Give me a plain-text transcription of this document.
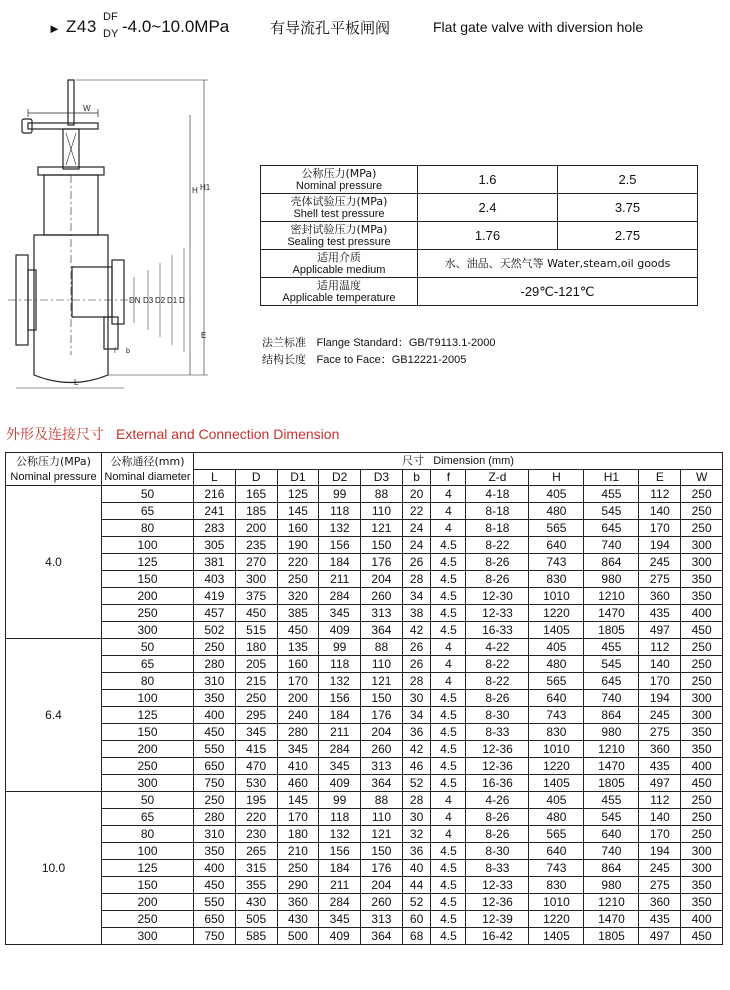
► Z43 DF
DY -4.0~10.0MPa	有导流孔平板闸阀	Flat gate valve with diversion hole
W
H1
H
DN D3 D2 D1 D
L
E
f b
公称压力(MPa)
Nominal pressure	1.6	2.5
壳体试验压力(MPa)
Shell test pressure	2.4	3.75
密封试验压力(MPa)
Sealing test pressure	1.76	2.75
适用介质
Applicable medium	水、油品、天然气等 Water,steam,oil goods	
适用温度
Applicable temperature	-29℃-121℃	
法兰标准 Flange Standard：GB/T9113.1-2000
结构长度 Face to Face：GB12221-2005
外形及连接尺寸 External and Connection Dimension
公称压力(MPa)
Nominal pressure	公称通径(mm)
Nominal diameter	尺寸 Dimension (mm)											
		L	D	D1	D2	D3	b	f	Z-d	H	H1	E	W
4.0	50	216	165	125	99	88	20	4	4-18	405	455	112	250
	65	241	185	145	118	110	22	4	8-18	480	545	140	250
	80	283	200	160	132	121	24	4	8-18	565	645	170	250
	100	305	235	190	156	150	24	4.5	8-22	640	740	194	300
	125	381	270	220	184	176	26	4.5	8-26	743	864	245	300
	150	403	300	250	211	204	28	4.5	8-26	830	980	275	350
	200	419	375	320	284	260	34	4.5	12-30	1010	1210	360	350
	250	457	450	385	345	313	38	4.5	12-33	1220	1470	435	400
	300	502	515	450	409	364	42	4.5	16-33	1405	1805	497	450
6.4	50	250	180	135	99	88	26	4	4-22	405	455	112	250
	65	280	205	160	118	110	26	4	8-22	480	545	140	250
	80	310	215	170	132	121	28	4	8-22	565	645	170	250
	100	350	250	200	156	150	30	4.5	8-26	640	740	194	300
	125	400	295	240	184	176	34	4.5	8-30	743	864	245	300
	150	450	345	280	211	204	36	4.5	8-33	830	980	275	350
	200	550	415	345	284	260	42	4.5	12-36	1010	1210	360	350
	250	650	470	410	345	313	46	4.5	12-36	1220	1470	435	400
	300	750	530	460	409	364	52	4.5	16-36	1405	1805	497	450
10.0	50	250	195	145	99	88	28	4	4-26	405	455	112	250
	65	280	220	170	118	110	30	4	8-26	480	545	140	250
	80	310	230	180	132	121	32	4	8-26	565	640	170	250
	100	350	265	210	156	150	36	4.5	8-30	640	740	194	300
	125	400	315	250	184	176	40	4.5	8-33	743	864	245	300
	150	450	355	290	211	204	44	4.5	12-33	830	980	275	350
	200	550	430	360	284	260	52	4.5	12-36	1010	1210	360	350
	250	650	505	430	345	313	60	4.5	12-39	1220	1470	435	400
	300	750	585	500	409	364	68	4.5	16-42	1405	1805	497	450
